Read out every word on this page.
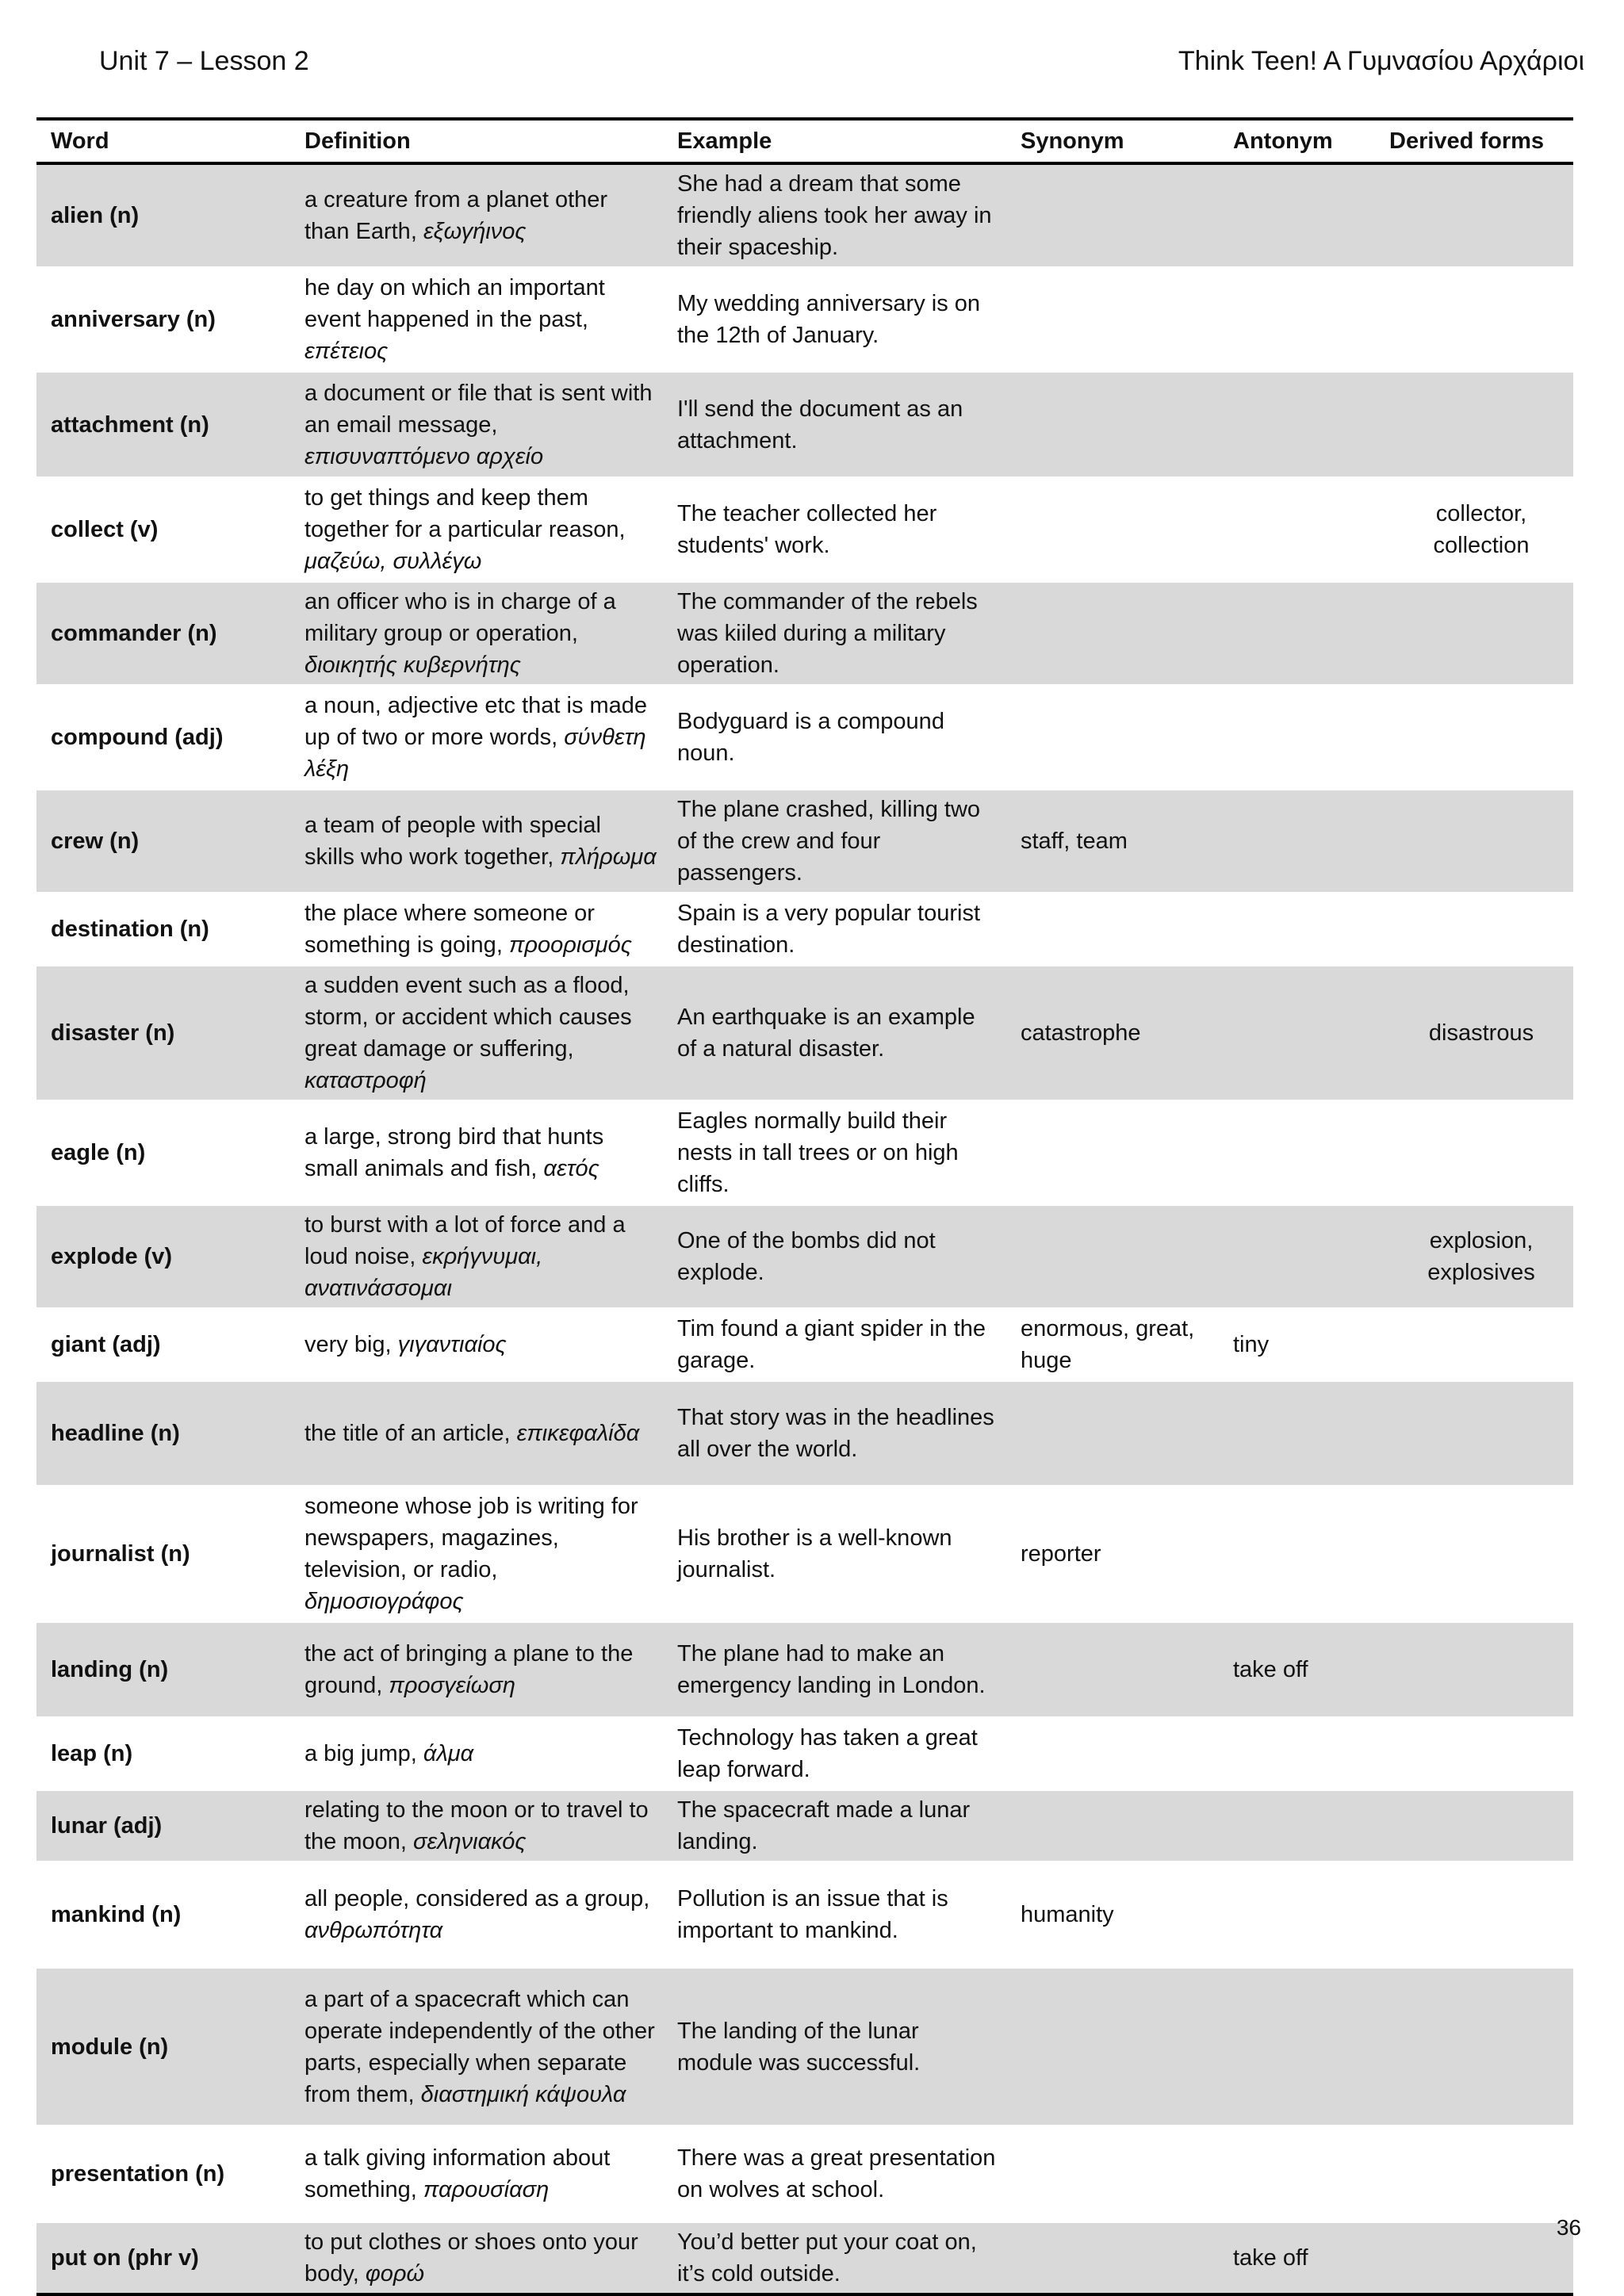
Unit 7 – Lesson 2	Think Teen! A Γυμνασίου Αρχάριοι
Word	Definition	Example	Synonym	Antonym	Derived forms
alien (n)	a creature from a planet other than Earth, εξωγήινος	She had a dream that some friendly aliens took her away in their spaceship.			
anniversary (n)	he day on which an important event happened in the past, επέτειος	My wedding anniversary is on the 12th of January.			
attachment (n)	a document or file that is sent with an email message, επισυναπτόμενο αρχείο	I'll send the document as an attachment.			
collect (v)	to get things and keep them together for a particular reason, μαζεύω, συλλέγω	The teacher collected her students' work.			collector, collection
commander (n)	an officer who is in charge of a military group or operation, διοικητής κυβερνήτης	The commander of the rebels was kiiled during a military operation.			
compound (adj)	a noun, adjective etc that is made up of two or more words, σύνθετη λέξη	Bodyguard is a compound noun.			
crew (n)	a team of people with special skills who work together, πλήρωμα	The plane crashed, killing two of the crew and four passengers.	staff, team		
destination (n)	the place where someone or something is going, προορισμός	Spain is a very popular tourist destination.			
disaster (n)	a sudden event such as a flood, storm, or accident which causes great damage or suffering, καταστροφή	An earthquake is an example of a natural disaster.	catastrophe		disastrous
eagle (n)	a large, strong bird that hunts small animals and fish, αετός	Eagles normally build their nests in tall trees or on high cliffs.			
explode (v)	to burst with a lot of force and a loud noise, εκρήγνυμαι, ανατινάσσομαι	One of the bombs did not explode.			explosion, explosives
giant (adj)	very big, γιγαντιαίος	Tim found a giant spider in the garage.	enormous, great, huge	tiny	
headline (n)	the title of an article, επικεφαλίδα	That story was in the headlines all over the world.			
journalist (n)	someone whose job is writing for newspapers, magazines, television, or radio, δημοσιογράφος	His brother is a well-known journalist.	reporter		
landing (n)	the act of bringing a plane to the ground, προσγείωση	The plane had to make an emergency landing in London.		take off	
leap (n)	a big jump, άλμα	Technology has taken a great leap forward.			
lunar (adj)	relating to the moon or to travel to the moon, σεληνιακός	The spacecraft made a lunar landing.			
mankind (n)	all people, considered as a group, ανθρωπότητα	Pollution is an issue that is important to mankind.	humanity		
module (n)	a part of a spacecraft which can operate independently of the other parts, especially when separate from them, διαστημική κάψουλα	The landing of the lunar module was successful.			
presentation (n)	a talk giving information about something, παρουσίαση	There was a great presentation on wolves at school.			
put on (phr v)	to put clothes or shoes onto your body, φορώ	You’d better put your coat on, it’s cold outside.		take off	
36
